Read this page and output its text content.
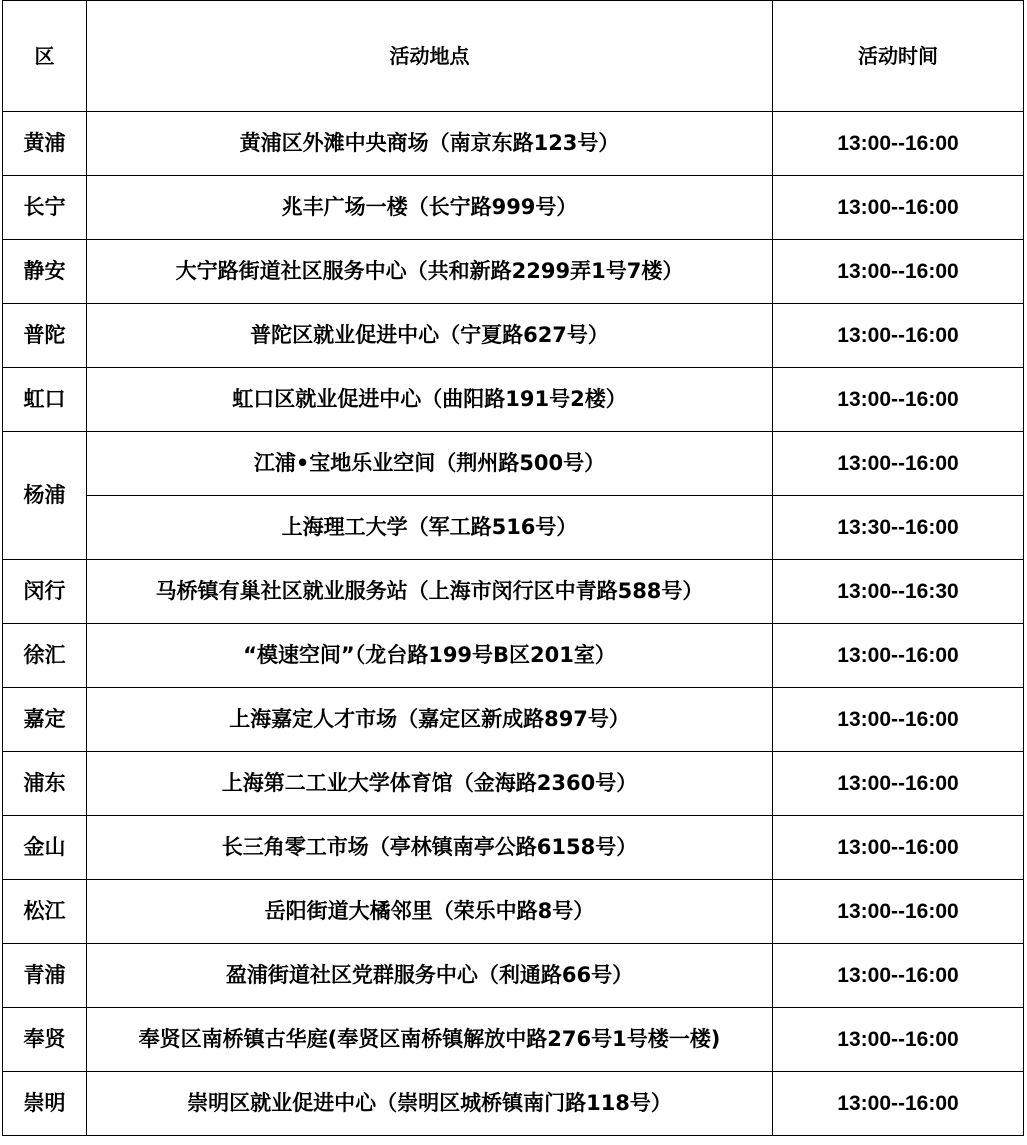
区	活动地点	活动时间
黄浦	黄浦区外滩中央商场（南京东路123号）	13:00--16:00
长宁	兆丰广场一楼（长宁路999号）	13:00--16:00
静安	大宁路街道社区服务中心（共和新路2299弄1号7楼）	13:00--16:00
普陀	普陀区就业促进中心（宁夏路627号）	13:00--16:00
虹口	虹口区就业促进中心（曲阳路191号2楼）	13:00--16:00
杨浦	江浦•宝地乐业空间（荆州路500号）	13:00--16:00
	上海理工大学（军工路516号）	13:30--16:00
闵行	马桥镇有巢社区就业服务站（上海市闵行区中青路588号）	13:00--16:30
徐汇	“模速空间”（龙台路199号B区201室）	13:00--16:00
嘉定	上海嘉定人才市场（嘉定区新成路897号）	13:00--16:00
浦东	上海第二工业大学体育馆（金海路2360号）	13:00--16:00
金山	长三角零工市场（亭林镇南亭公路6158号）	13:00--16:00
松江	岳阳街道大橘邻里（荣乐中路8号）	13:00--16:00
青浦	盈浦街道社区党群服务中心（利通路66号）	13:00--16:00
奉贤	奉贤区南桥镇古华庭(奉贤区南桥镇解放中路276号1号楼一楼)	13:00--16:00
崇明	崇明区就业促进中心（崇明区城桥镇南门路118号）	13:00--16:00
